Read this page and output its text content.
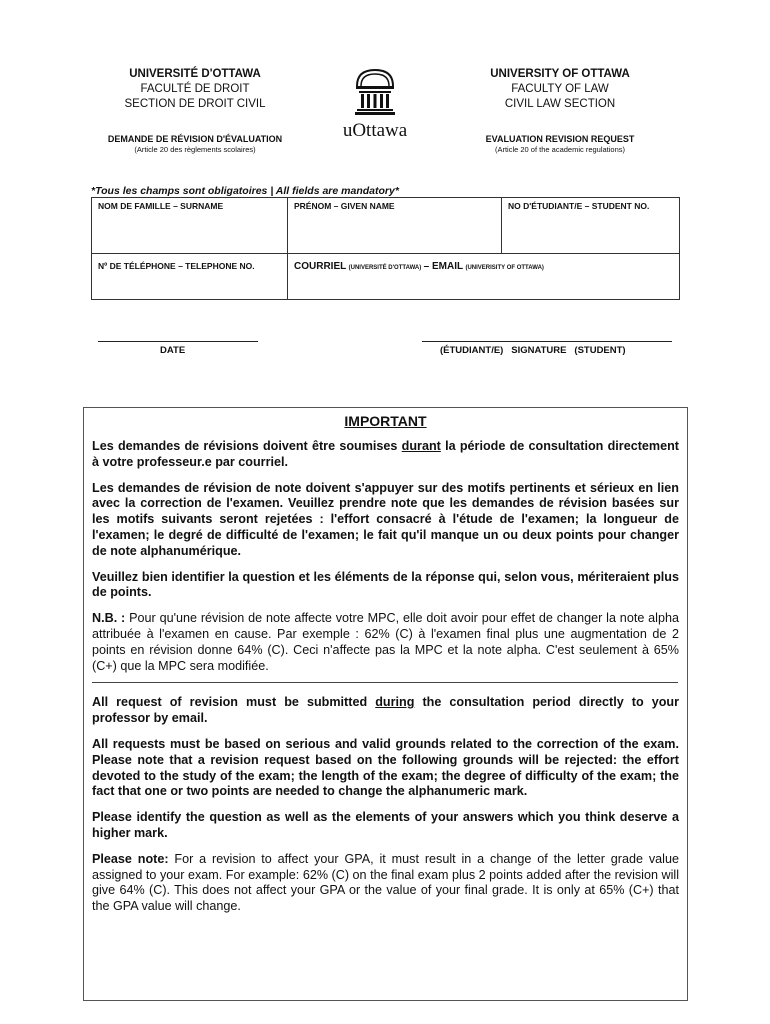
UNIVERSITÉ D'OTTAWA
FACULTÉ DE DROIT
SECTION DE DROIT CIVIL
DEMANDE DE RÉVISION D'ÉVALUATION
(Article 20 des règlements scolaires)
uOttawa
UNIVERSITY OF OTTAWA
FACULTY OF LAW
CIVIL LAW SECTION
EVALUATION REVISION REQUEST
(Article 20 of the academic regulations)
*Tous les champs sont obligatoires | All fields are mandatory*
NOM DE FAMILLE – SURNAME	PRÉNOM – GIVEN NAME	NO D'ÉTUDIANT/E – STUDENT NO.
Nº DE TÉLÉPHONE – TELEPHONE NO.	COURRIEL (UNIVERSITÉ D'OTTAWA) – EMAIL (UNIVERISITY OF OTTAWA)	
DATE	(ÉTUDIANT/E)   SIGNATURE   (STUDENT)
IMPORTANT

Les demandes de révisions doivent être soumises durant la période de consultation directement à votre professeur.e par courriel.

Les demandes de révision de note doivent s'appuyer sur des motifs pertinents et sérieux en lien avec la correction de l'examen. Veuillez prendre note que les demandes de révision basées sur les motifs suivants seront rejetées : l'effort consacré à l'étude de l'examen; la longueur de l'examen; le degré de difficulté de l'examen; le fait qu'il manque un ou deux points pour changer de note alphanumérique.

Veuillez bien identifier la question et les éléments de la réponse qui, selon vous, mériteraient plus de points.

N.B. : Pour qu'une révision de note affecte votre MPC, elle doit avoir pour effet de changer la note alpha attribuée à l'examen en cause. Par exemple : 62% (C) à l'examen final plus une augmentation de 2 points en révision donne 64% (C). Ceci n'affecte pas la MPC et la note alpha. C'est seulement à 65% (C+) que la MPC sera modifiée.

All request of revision must be submitted during the consultation period directly to your professor by email.

All requests must be based on serious and valid grounds related to the correction of the exam. Please note that a revision request based on the following grounds will be rejected: the effort devoted to the study of the exam; the length of the exam; the degree of difficulty of the exam; the fact that one or two points are needed to change the alphanumeric mark.

Please identify the question as well as the elements of your answers which you think deserve a higher mark.

Please note: For a revision to affect your GPA, it must result in a change of the letter grade value assigned to your exam. For example: 62% (C) on the final exam plus 2 points added after the revision will give 64% (C). This does not affect your GPA or the value of your final grade. It is only at 65% (C+) that the GPA value will change.
